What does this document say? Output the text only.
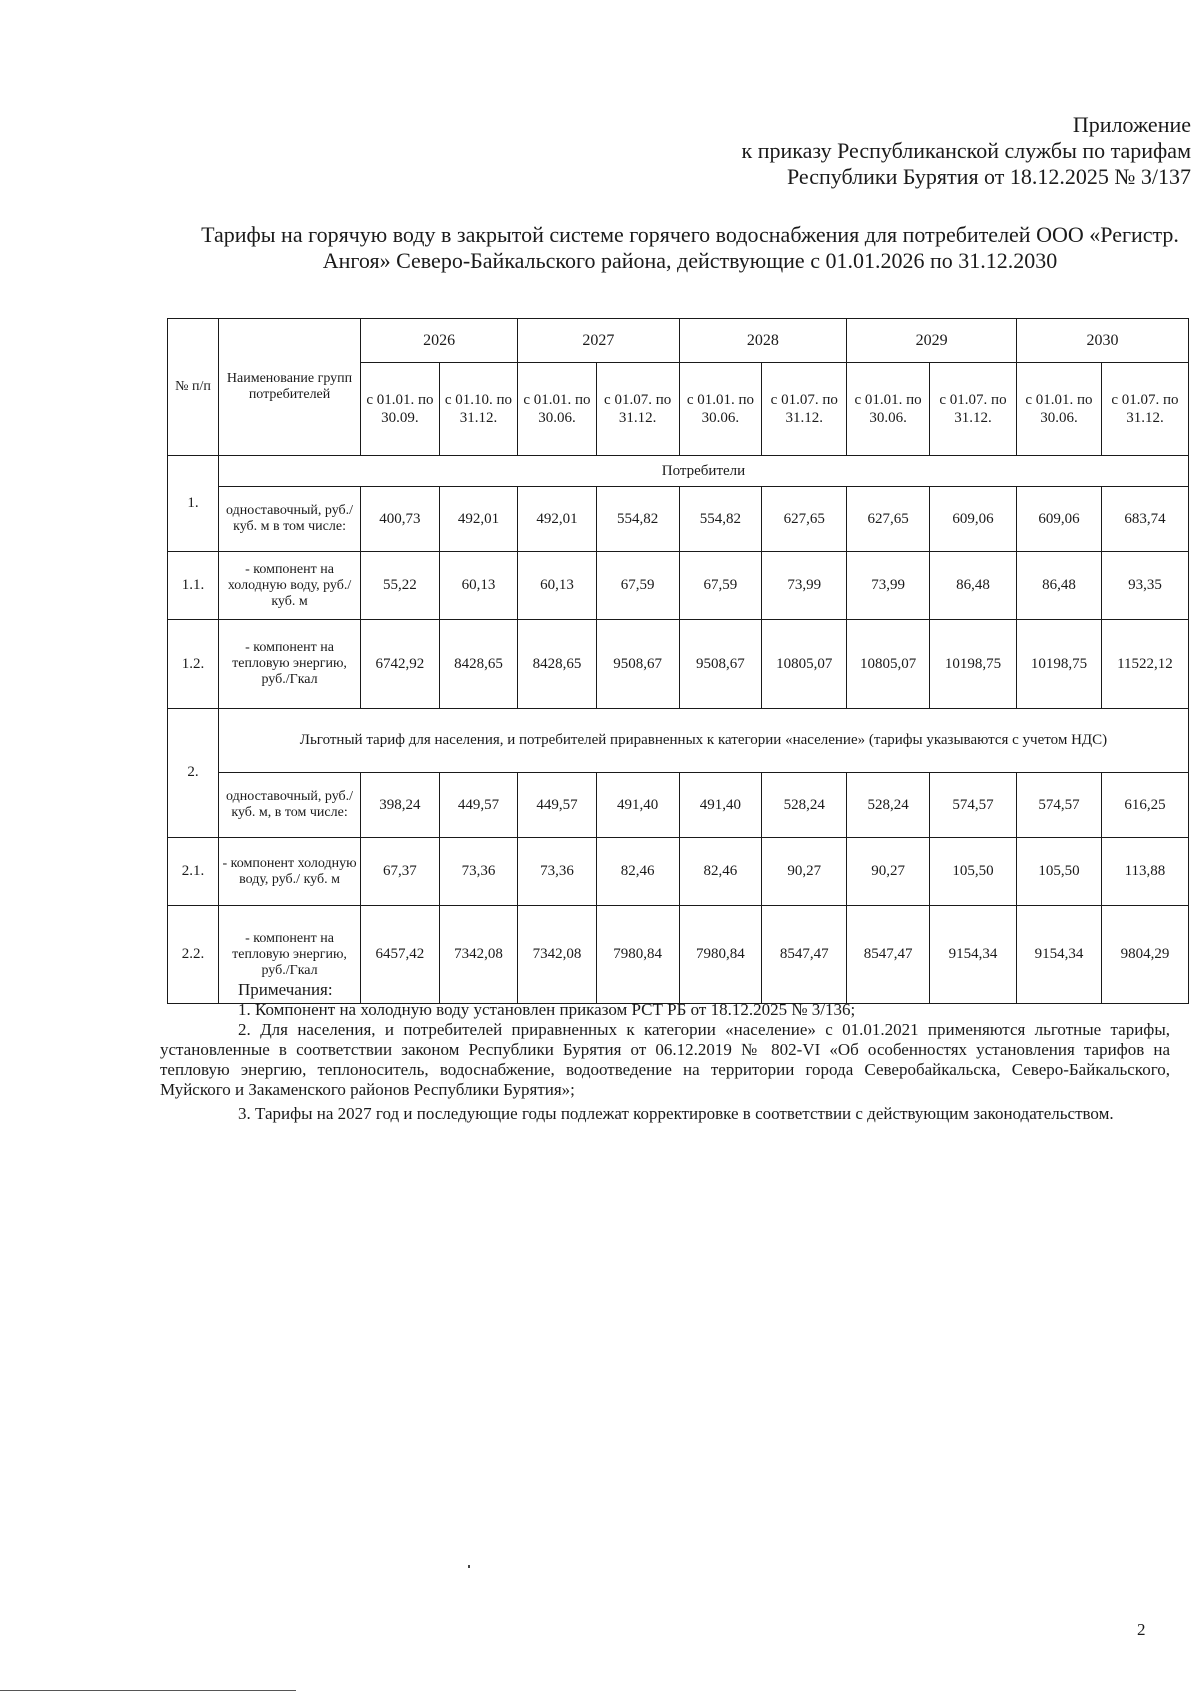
Приложение
к приказу Республиканской службы по тарифам
Республики Бурятия от 18.12.2025 № 3/137
Тарифы на горячую воду в закрытой системе горячего водоснабжения для потребителей ООО «Регистр. Ангоя» Северо-Байкальского района, действующие с 01.01.2026 по 31.12.2030
№ п/п	Наименование групп потребителей	2026		2027		2028		2029		2030	
		с 01.01. по 30.09.	с 01.10. по 31.12.	с 01.01. по 30.06.	с 01.07. по 31.12.	с 01.01. по 30.06.	с 01.07. по 31.12.	с 01.01. по 30.06.	с 01.07. по 31.12.	с 01.01. по 30.06.	с 01.07. по 31.12.
1.	Потребители										
	одноставочный, руб./ куб. м в том числе:	400,73	492,01	492,01	554,82	554,82	627,65	627,65	609,06	609,06	683,74
1.1.	- компонент на холодную воду, руб./ куб. м	55,22	60,13	60,13	67,59	67,59	73,99	73,99	86,48	86,48	93,35
1.2.	- компонент на тепловую энергию, руб./Гкал	6742,92	8428,65	8428,65	9508,67	9508,67	10805,07	10805,07	10198,75	10198,75	11522,12
2.	Льготный тариф для населения, и потребителей приравненных к категории «население» (тарифы указываются с учетом НДС)										
	одноставочный, руб./ куб. м, в том числе:	398,24	449,57	449,57	491,40	491,40	528,24	528,24	574,57	574,57	616,25
2.1.	- компонент холодную воду, руб./ куб. м	67,37	73,36	73,36	82,46	82,46	90,27	90,27	105,50	105,50	113,88
2.2.	- компонент на тепловую энергию, руб./Гкал	6457,42	7342,08	7342,08	7980,84	7980,84	8547,47	8547,47	9154,34	9154,34	9804,29
Примечания:

1. Компонент на холодную воду установлен приказом РСТ РБ от 18.12.2025 № 3/136;

2. Для населения, и потребителей приравненных к категории «население» с 01.01.2021 применяются льготные тарифы, установленные в соответствии законом Республики Бурятия от 06.12.2019 № 802-VI «Об особенностях установления тарифов на тепловую энергию, теплоноситель, водоснабжение, водоотведение на территории города Северобайкальска, Северо-Байкальского, Муйского и Закаменского районов Республики Бурятия»;

3. Тарифы на 2027 год и последующие годы подлежат корректировке в соответствии с действующим законодательством.

2
